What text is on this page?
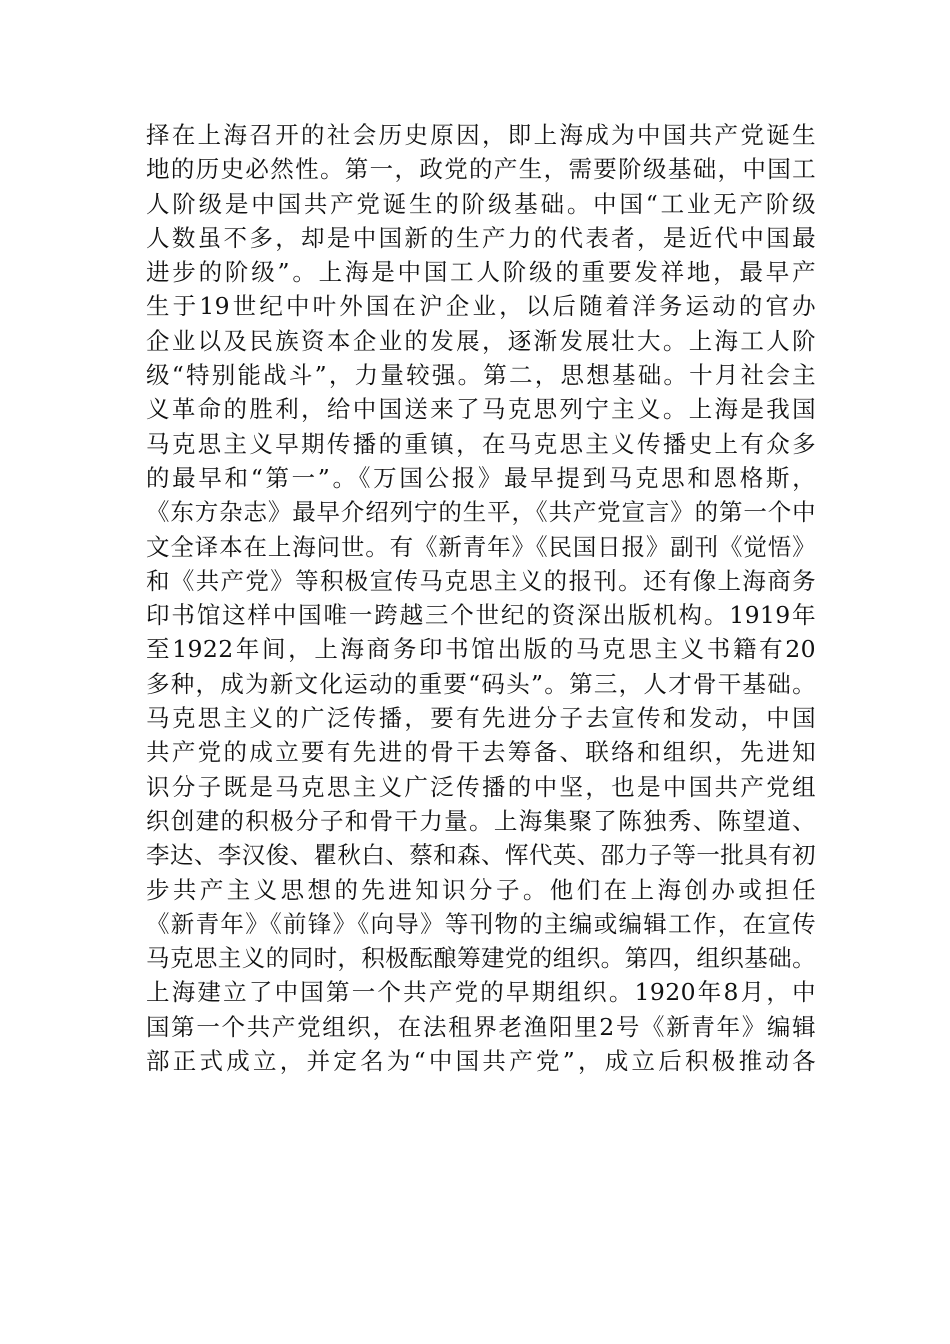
择在上海召开的社会历史原因，即上海成为中国共产党诞生
地的历史必然性。第一，政党的产生，需要阶级基础，中国工
人阶级是中国共产党诞生的阶级基础。中国“工业无产阶级
人数虽不多，却是中国新的生产力的代表者，是近代中国最
进步的阶级”。上海是中国工人阶级的重要发祥地，最早产
生于19世纪中叶外国在沪企业，以后随着洋务运动的官办
企业以及民族资本企业的发展，逐渐发展壮大。上海工人阶
级“特别能战斗”，力量较强。第二，思想基础。十月社会主
义革命的胜利，给中国送来了马克思列宁主义。上海是我国
马克思主义早期传播的重镇，在马克思主义传播史上有众多
的最早和“第一”。《万国公报》最早提到马克思和恩格斯，
《东方杂志》最早介绍列宁的生平，《共产党宣言》的第一个中
文全译本在上海问世。有《新青年》《民国日报》副刊《觉悟》
和《共产党》等积极宣传马克思主义的报刊。还有像上海商务
印书馆这样中国唯一跨越三个世纪的资深出版机构。1919年
至1922年间，上海商务印书馆出版的马克思主义书籍有20
多种，成为新文化运动的重要“码头”。第三，人才骨干基础。
马克思主义的广泛传播，要有先进分子去宣传和发动，中国
共产党的成立要有先进的骨干去筹备、联络和组织，先进知
识分子既是马克思主义广泛传播的中坚，也是中国共产党组
织创建的积极分子和骨干力量。上海集聚了陈独秀、陈望道、
李达、李汉俊、瞿秋白、蔡和森、恽代英、邵力子等一批具有初
步共产主义思想的先进知识分子。他们在上海创办或担任
《新青年》《前锋》《向导》等刊物的主编或编辑工作，在宣传
马克思主义的同时，积极酝酿筹建党的组织。第四，组织基础。
上海建立了中国第一个共产党的早期组织。1920年8月，中
国第一个共产党组织，在法租界老渔阳里2号《新青年》编辑
部正式成立，并定名为“中国共产党”，成立后积极推动各
